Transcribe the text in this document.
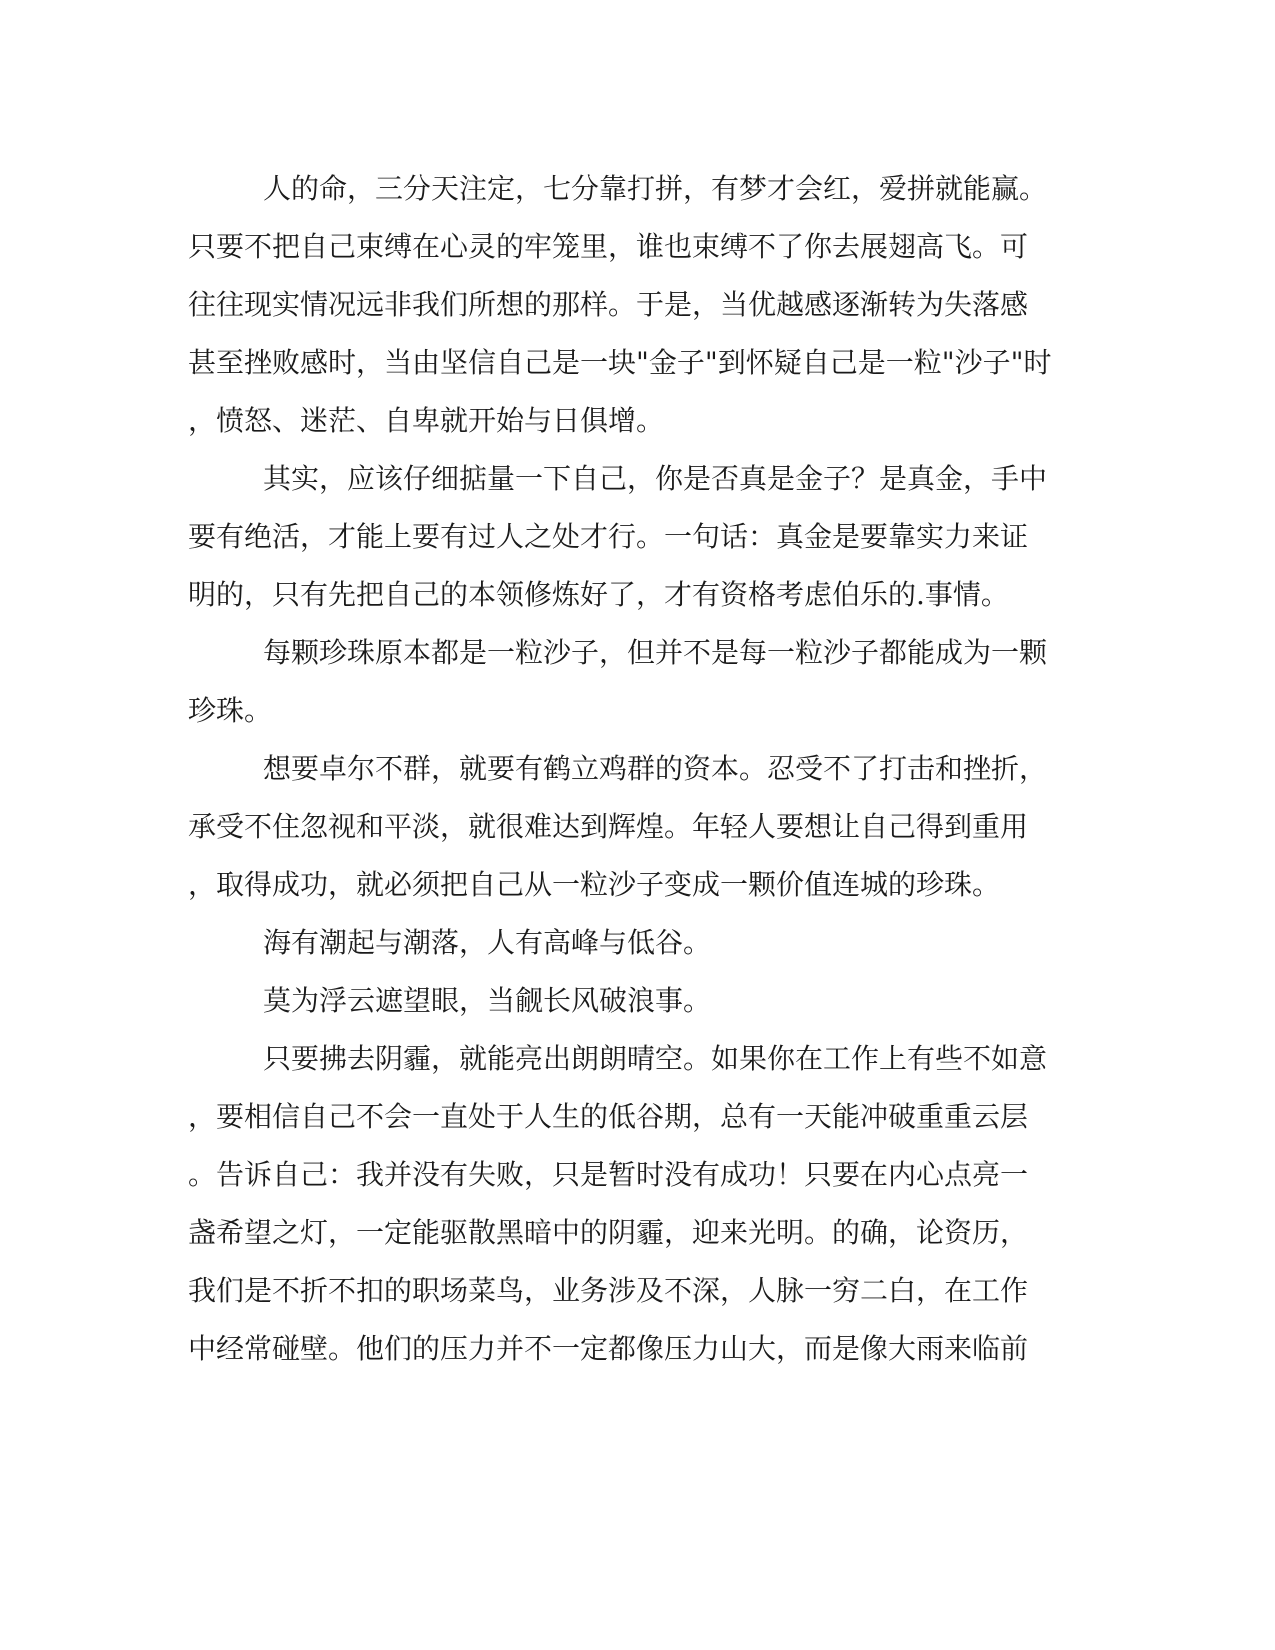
人的命，三分天注定，七分靠打拼，有梦才会红，爱拼就能赢。
只要不把自己束缚在心灵的牢笼里，谁也束缚不了你去展翅高飞。可
往往现实情况远非我们所想的那样。于是，当优越感逐渐转为失落感
甚至挫败感时，当由坚信自己是一块"金子"到怀疑自己是一粒"沙子"时
，愤怒、迷茫、自卑就开始与日俱增。
其实，应该仔细掂量一下自己，你是否真是金子？是真金，手中
要有绝活，才能上要有过人之处才行。一句话：真金是要靠实力来证
明的，只有先把自己的本领修炼好了，才有资格考虑伯乐的.事情。
每颗珍珠原本都是一粒沙子，但并不是每一粒沙子都能成为一颗
珍珠。
想要卓尔不群，就要有鹤立鸡群的资本。忍受不了打击和挫折，
承受不住忽视和平淡，就很难达到辉煌。年轻人要想让自己得到重用
，取得成功，就必须把自己从一粒沙子变成一颗价值连城的珍珠。
海有潮起与潮落，人有高峰与低谷。
莫为浮云遮望眼，当觎长风破浪事。
只要拂去阴霾，就能亮出朗朗晴空。如果你在工作上有些不如意
，要相信自己不会一直处于人生的低谷期，总有一天能冲破重重云层
。告诉自己：我并没有失败，只是暂时没有成功！只要在内心点亮一
盏希望之灯，一定能驱散黑暗中的阴霾，迎来光明。的确，论资历，
我们是不折不扣的职场菜鸟，业务涉及不深，人脉一穷二白，在工作
中经常碰壁。他们的压力并不一定都像压力山大，而是像大雨来临前
